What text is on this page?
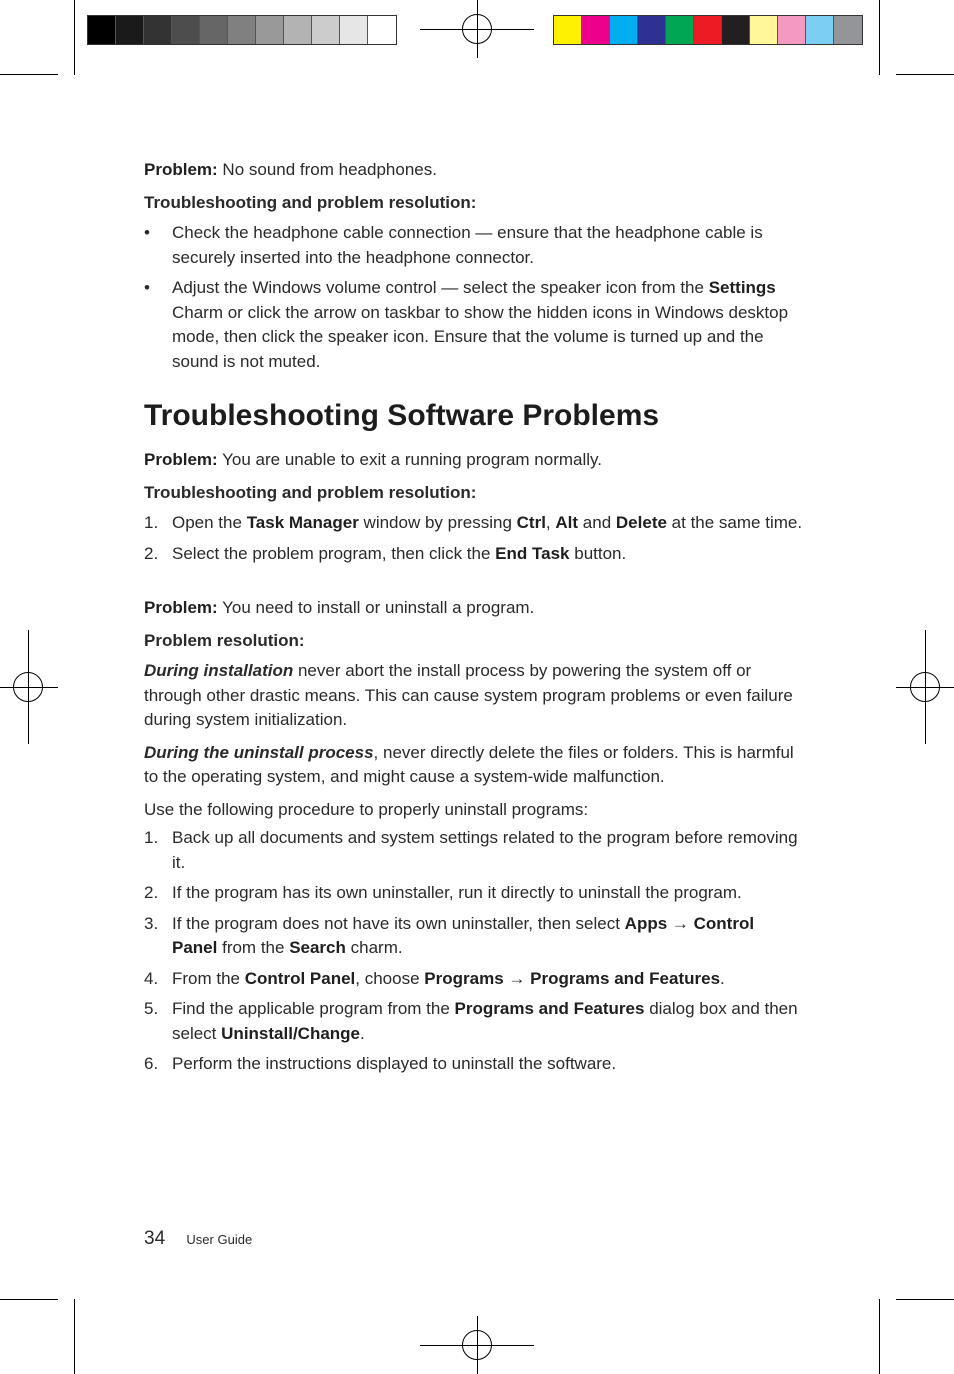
Problem: No sound from headphones.

Troubleshooting and problem resolution:

•	Check the headphone cable connection — ensure that the headphone cable is securely inserted into the headphone connector.
•	Adjust the Windows volume control — select the speaker icon from the Settings Charm or click the arrow on taskbar to show the hidden icons in Windows desktop mode, then click the speaker icon. Ensure that the volume is turned up and the sound is not muted.
Troubleshooting Software Problems

Problem: You are unable to exit a running program normally.

Troubleshooting and problem resolution:

1. Open the Task Manager window by pressing Ctrl, Alt and Delete at the same time.
2. Select the problem program, then click the End Task button.

Problem: You need to install or uninstall a program.

Problem resolution:

During installation never abort the install process by powering the system off or through other drastic means. This can cause system program problems or even failure during system initialization.

During the uninstall process, never directly delete the files or folders. This is harmful to the operating system, and might cause a system-wide malfunction.

Use the following procedure to properly uninstall programs:

1. Back up all documents and system settings related to the program before removing it.
2. If the program has its own uninstaller, run it directly to uninstall the program.
3. If the program does not have its own uninstaller, then select Apps → Control Panel from the Search charm.
4. From the Control Panel, choose Programs → Programs and Features.
5. Find the applicable program from the Programs and Features dialog box and then select Uninstall/Change.
6. Perform the instructions displayed to uninstall the software.
34 User Guide
